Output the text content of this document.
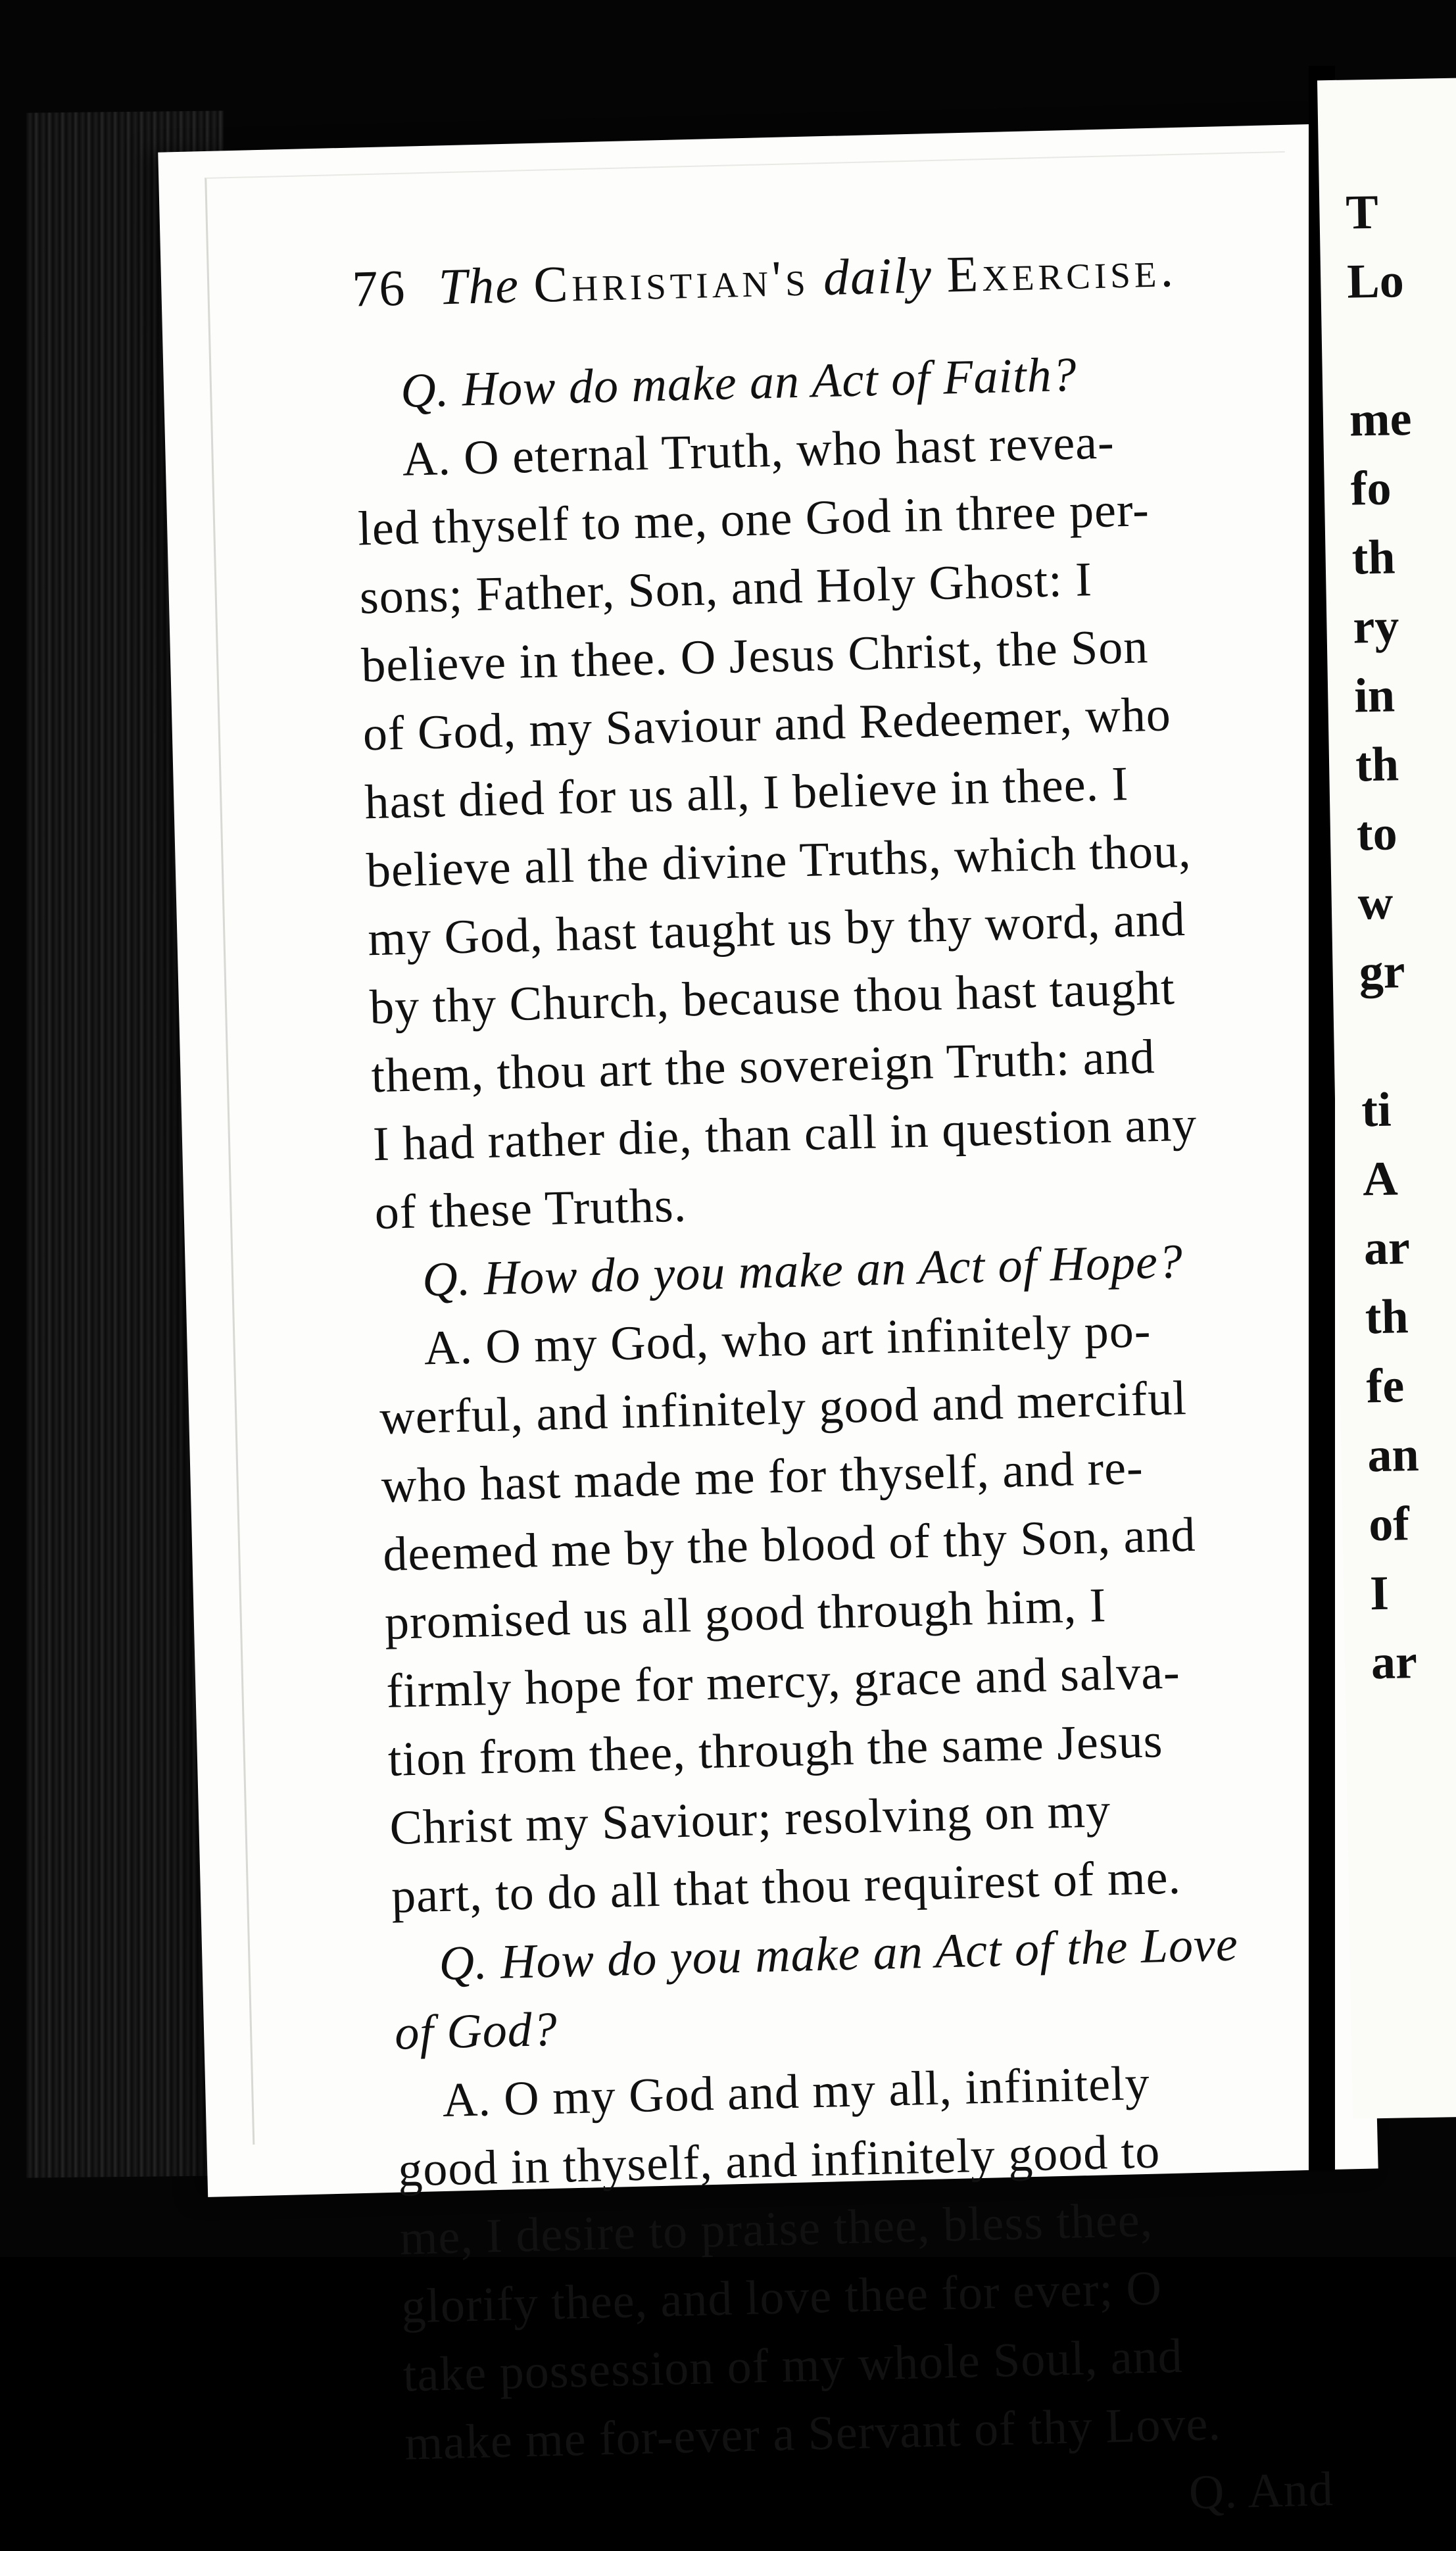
76 The Christian's daily Exercise.
Q. How do make an Act of Faith?
A. O eternal Truth, who hast revea-
led thyself to me, one God in three per-
sons; Father, Son, and Holy Ghost: I
believe in thee. O Jesus Christ, the Son
of God, my Saviour and Redeemer, who
hast died for us all, I believe in thee. I
believe all the divine Truths, which thou,
my God, hast taught us by thy word, and
by thy Church, because thou hast taught
them, thou art the sovereign Truth: and
I had rather die, than call in question any
of these Truths.
Q. How do you make an Act of Hope?
A. O my God, who art infinitely po-
werful, and infinitely good and merciful
who hast made me for thyself, and re-
deemed me by the blood of thy Son, and
promised us all good through him, I
firmly hope for mercy, grace and salva-
tion from thee, through the same Jesus
Christ my Saviour; resolving on my
part, to do all that thou requirest of me.
Q. How do you make an Act of the Love
of God?
A. O my God and my all, infinitely
good in thyself, and infinitely good to
me, I desire to praise thee, bless thee,
glorify thee, and love thee for ever; O
take possession of my whole Soul, and
make me for-ever a Servant of thy Love.
Q. And
T
Lo

me
fo
th
ry
in
th
to
w
gr

ti
A
ar
th
fe
an
of
I
ar
